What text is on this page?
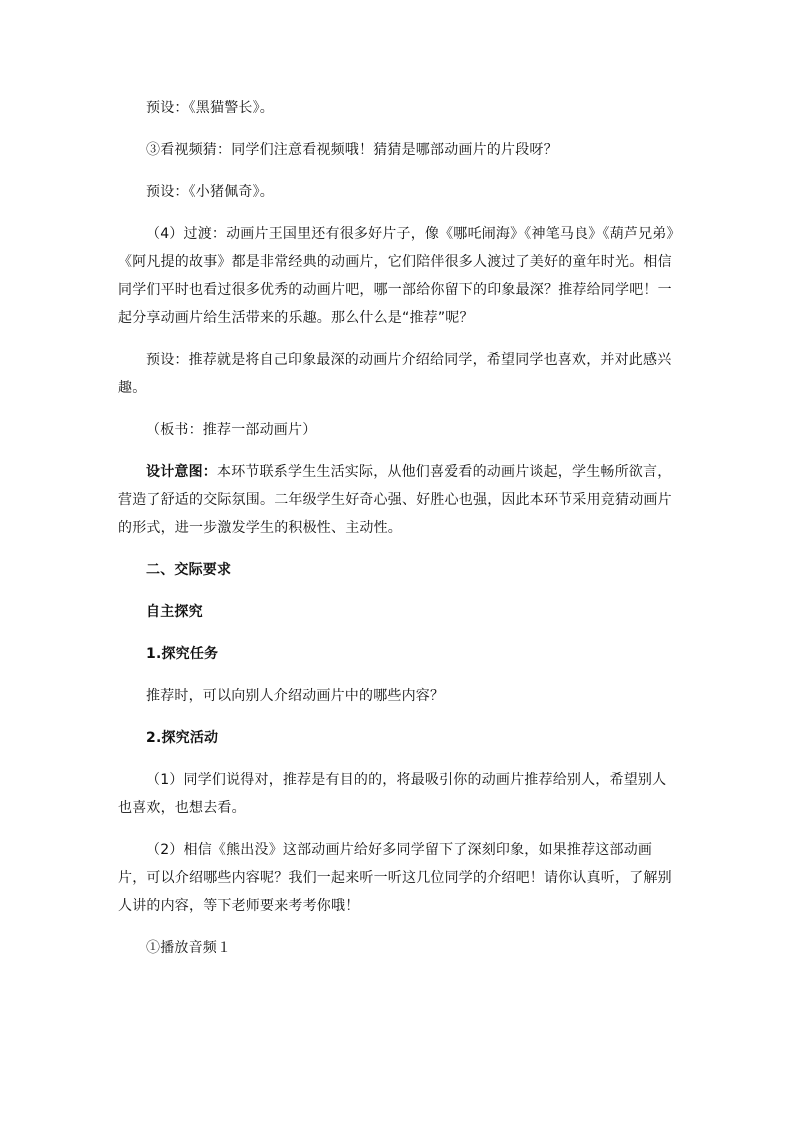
预设：《黑猫警长》。

③看视频猜：同学们注意看视频哦！猜猜是哪部动画片的片段呀？

预设：《小猪佩奇》。

（4）过渡：动画片王国里还有很多好片子，像《哪吒闹海》《神笔马良》《葫芦兄弟》《阿凡提的故事》都是非常经典的动画片，它们陪伴很多人渡过了美好的童年时光。相信同学们平时也看过很多优秀的动画片吧，哪一部给你留下的印象最深？推荐给同学吧！一起分享动画片给生活带来的乐趣。那么什么是“推荐”呢？

预设：推荐就是将自己印象最深的动画片介绍给同学，希望同学也喜欢，并对此感兴趣。

（板书：推荐一部动画片）

设计意图：本环节联系学生生活实际，从他们喜爱看的动画片谈起，学生畅所欲言，营造了舒适的交际氛围。二年级学生好奇心强、好胜心也强，因此本环节采用竞猜动画片的形式，进一步激发学生的积极性、主动性。

二、交际要求

自主探究

1.探究任务

推荐时，可以向别人介绍动画片中的哪些内容？

2.探究活动

（1）同学们说得对，推荐是有目的的，将最吸引你的动画片推荐给别人，希望别人也喜欢，也想去看。

（2）相信《熊出没》这部动画片给好多同学留下了深刻印象，如果推荐这部动画片，可以介绍哪些内容呢？我们一起来听一听这几位同学的介绍吧！请你认真听，了解别人讲的内容，等下老师要来考考你哦！

①播放音频１
